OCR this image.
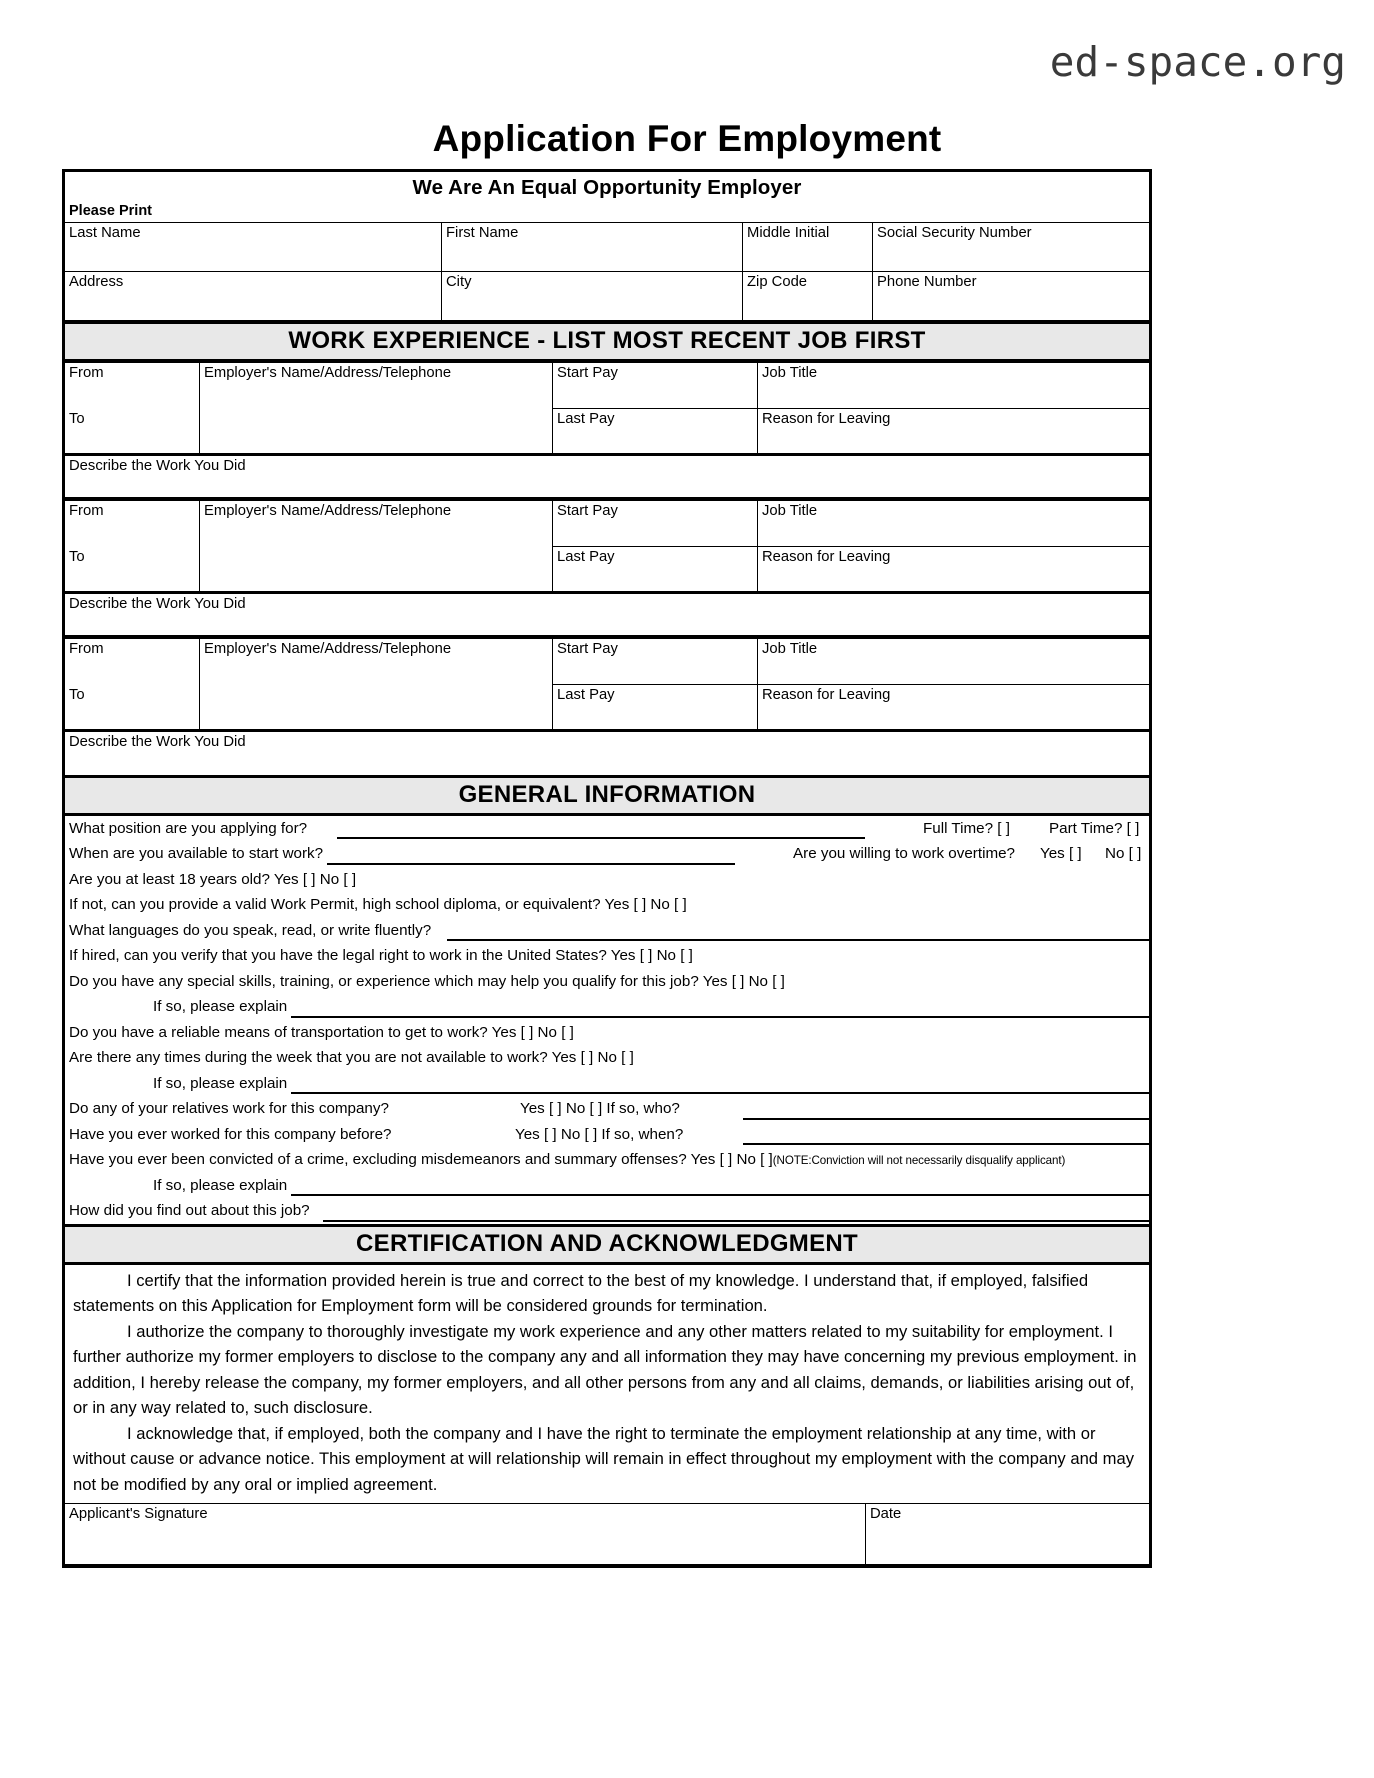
ed-space.org
Application For Employment
We Are An Equal Opportunity Employer
Please Print
Last Name	First Name	Middle Initial	Social Security Number
Address	City	Zip Code	Phone Number
WORK EXPERIENCE - LIST MOST RECENT JOB FIRST
From	Employer's Name/Address/Telephone	Start Pay	Job Title
To		Last Pay	Reason for Leaving
Describe the Work You Did			
From	Employer's Name/Address/Telephone	Start Pay	Job Title
To		Last Pay	Reason for Leaving
Describe the Work You Did			
From	Employer's Name/Address/Telephone	Start Pay	Job Title
To		Last Pay	Reason for Leaving
Describe the Work You Did			
GENERAL INFORMATION
What position are you applying for?	Full Time? [ ]	Part Time? [ ]
When are you available to start work?	Are you willing to work overtime? Yes [ ] No [ ]
Are you at least 18 years old? Yes [ ] No [ ]
If not, can you provide a valid Work Permit, high school diploma, or equivalent? Yes [ ] No [ ]
What languages do you speak, read, or write fluently?
If hired, can you verify that you have the legal right to work in the United States? Yes [ ] No [ ]
Do you have any special skills, training, or experience which may help you qualify for this job? Yes [ ] No [ ]
If so, please explain
Do you have a reliable means of transportation to get to work? Yes [ ] No [ ]
Are there any times during the week that you are not available to work? Yes [ ] No [ ]
If so, please explain
Do any of your relatives work for this company?	Yes [ ] No [ ] If so, who?
Have you ever worked for this company before?	Yes [ ] No [ ] If so, when?
Have you ever been convicted of a crime, excluding misdemeanors and summary offenses? Yes [ ] No [ ](NOTE:Conviction will not necessarily disqualify applicant)
If so, please explain
How did you find out about this job?
CERTIFICATION AND ACKNOWLEDGMENT

I certify that the information provided herein is true and correct to the best of my knowledge. I understand that, if employed, falsified statements on this Application for Employment form will be considered grounds for termination.

I authorize the company to thoroughly investigate my work experience and any other matters related to my suitability for employment. I further authorize my former employers to disclose to the company any and all information they may have concerning my previous employment. in addition, I hereby release the company, my former employers, and all other persons from any and all claims, demands, or liabilities arising out of, or in any way related to, such disclosure.

I acknowledge that, if employed, both the company and I have the right to terminate the employment relationship at any time, with or without cause or advance notice. This employment at will relationship will remain in effect throughout my employment with the company and may not be modified by any oral or implied agreement.

Applicant's Signature	Date
